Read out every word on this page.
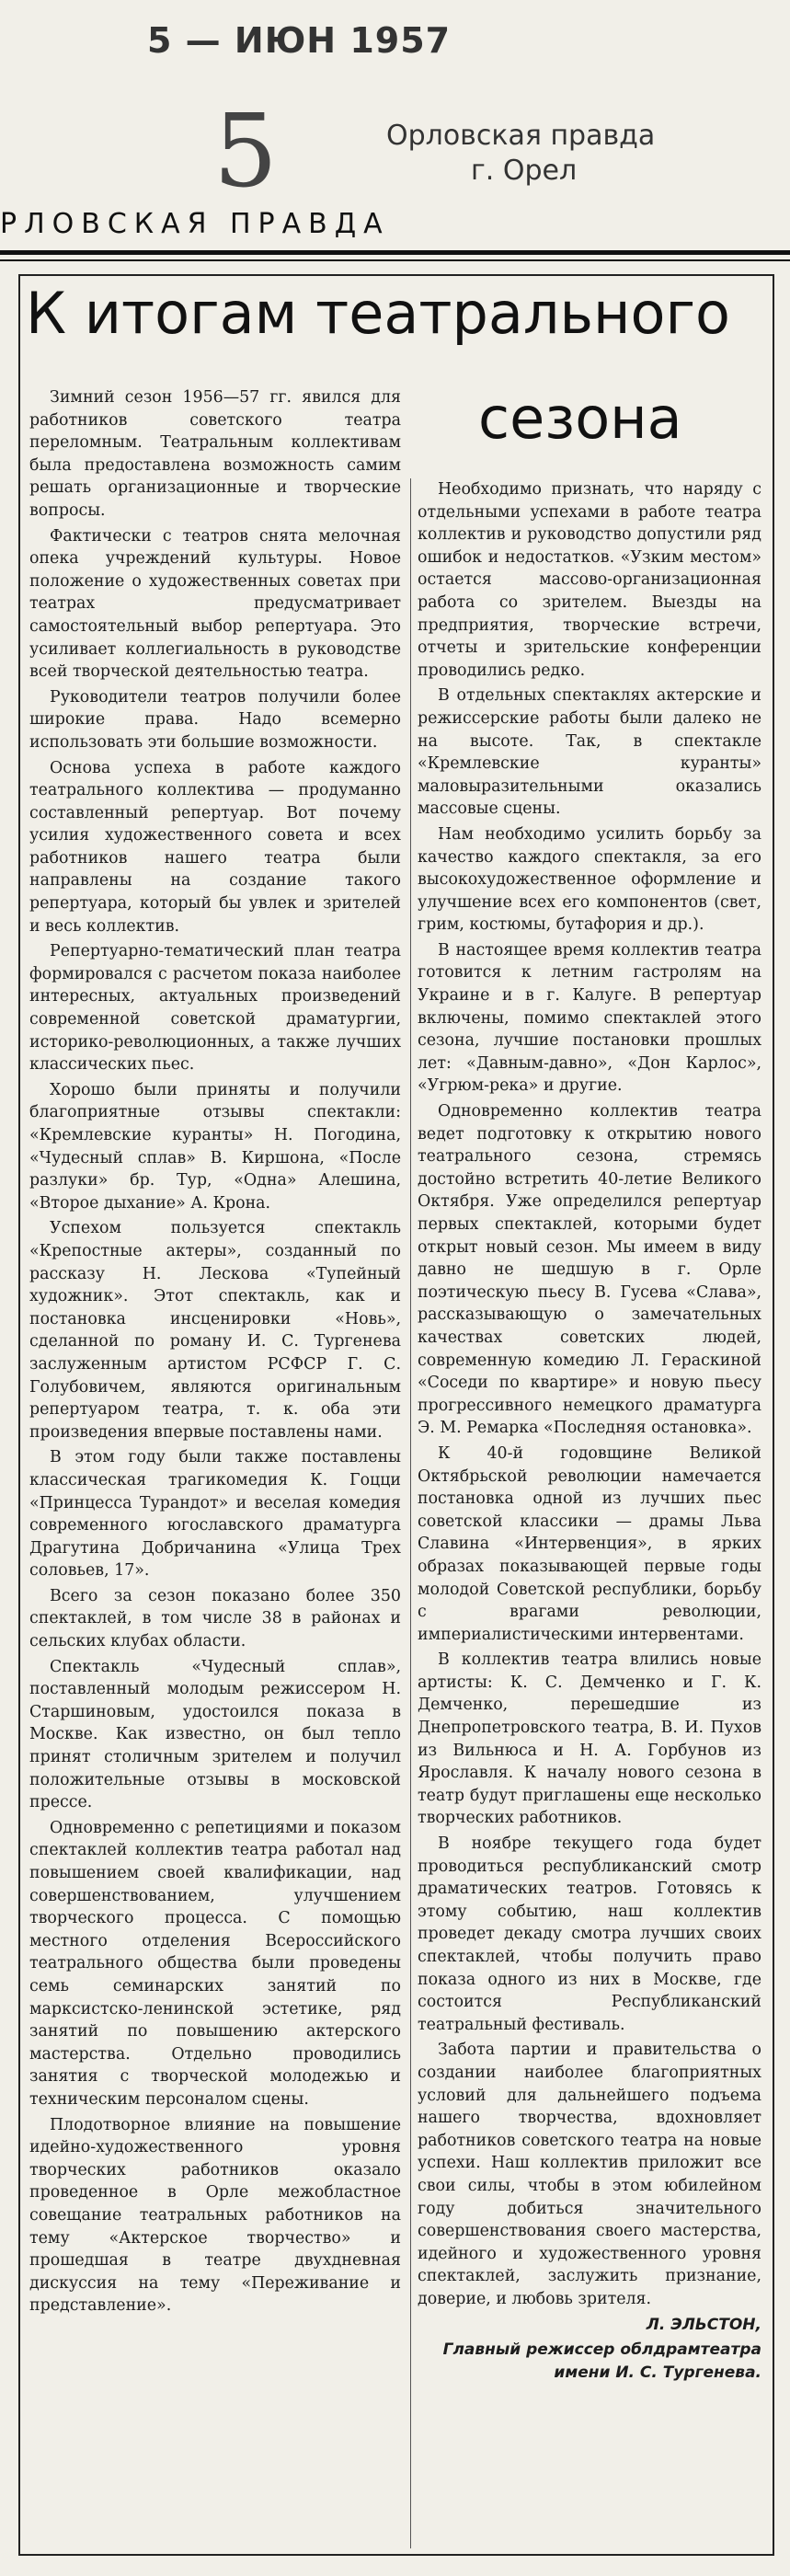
5 — ИЮН 1957
5	Орловская правда
г. Орел
РЛОВСКАЯ ПРАВДА
К итогам театрального
сезона

Зимний сезон 1956—57 гг. явился для работников советского театра переломным. Театральным коллективам была предоставлена возможность самим решать организационные и творческие вопросы.

Фактически с театров снята мелочная опека учреждений культуры. Новое положение о художественных советах при театрах предусматривает самостоятельный выбор репертуара. Это усиливает коллегиальность в руководстве всей творческой деятельностью театра.

Руководители театров получили более широкие права. Надо всемерно использовать эти большие возможности.

Основа успеха в работе каждого театрального коллектива — продуманно составленный репертуар. Вот почему усилия художественного совета и всех работников нашего театра были направлены на создание такого репертуара, который бы увлек и зрителей и весь коллектив.

Репертуарно-тематический план театра формировался с расчетом показа наиболее интересных, актуальных произведений современной советской драматургии, историко-революционных, а также лучших классических пьес.

Хорошо были приняты и получили благоприятные отзывы спектакли: «Кремлевские куранты» Н. Погодина, «Чудесный сплав» В. Киршона, «После разлуки» бр. Тур, «Одна» Алешина, «Второе дыхание» А. Крона.

Успехом пользуется спектакль «Крепостные актеры», созданный по рассказу Н. Лескова «Тупейный художник». Этот спектакль, как и постановка инсценировки «Новь», сделанной по роману И. С. Тургенева заслуженным артистом РСФСР Г. С. Голубовичем, являются оригинальным репертуаром театра, т. к. оба эти произведения впервые поставлены нами.

В этом году были также поставлены классическая трагикомедия К. Гоцци «Принцесса Турандот» и веселая комедия современного югославского драматурга Драгутина Добричанина «Улица Трех соловьев, 17».

Всего за сезон показано более 350 спектаклей, в том числе 38 в районах и сельских клубах области.

Спектакль «Чудесный сплав», поставленный молодым режиссером Н. Старшиновым, удостоился показа в Москве. Как известно, он был тепло принят столичным зрителем и получил положительные отзывы в московской прессе.

Одновременно с репетициями и показом спектаклей коллектив театра работал над повышением своей квалификации, над совершенствованием, улучшением творческого процесса. С помощью местного отделения Всероссийского театрального общества были проведены семь семинарских занятий по марксистско-ленинской эстетике, ряд занятий по повышению актерского мастерства. Отдельно проводились занятия с творческой молодежью и техническим персоналом сцены.

Плодотворное влияние на повышение идейно-художественного уровня творческих работников оказало проведенное в Орле межобластное совещание театральных работников на тему «Актерское творчество» и прошедшая в театре двухдневная дискуссия на тему «Переживание и представление».

Необходимо признать, что наряду с отдельными успехами в работе театра коллектив и руководство допустили ряд ошибок и недостатков. «Узким местом» остается массово-организационная работа со зрителем. Выезды на предприятия, творческие встречи, отчеты и зрительские конференции проводились редко.

В отдельных спектаклях актерские и режиссерские работы были далеко не на высоте. Так, в спектакле «Кремлевские куранты» маловыразительными оказались массовые сцены.

Нам необходимо усилить борьбу за качество каждого спектакля, за его высокохудожественное оформление и улучшение всех его компонентов (свет, грим, костюмы, бутафория и др.).

В настоящее время коллектив театра готовится к летним гастролям на Украине и в г. Калуге. В репертуар включены, помимо спектаклей этого сезона, лучшие постановки прошлых лет: «Давным-давно», «Дон Карлос», «Угрюм-река» и другие.

Одновременно коллектив театра ведет подготовку к открытию нового театрального сезона, стремясь достойно встретить 40-летие Великого Октября. Уже определился репертуар первых спектаклей, которыми будет открыт новый сезон. Мы имеем в виду давно не шедшую в г. Орле поэтическую пьесу В. Гусева «Слава», рассказывающую о замечательных качествах советских людей, современную комедию Л. Гераскиной «Соседи по квартире» и новую пьесу прогрессивного немецкого драматурга Э. М. Ремарка «Последняя остановка».

К 40-й годовщине Великой Октябрьской революции намечается постановка одной из лучших пьес советской классики — драмы Льва Славина «Интервенция», в ярких образах показывающей первые годы молодой Советской республики, борьбу с врагами революции, империалистическими интервентами.

В коллектив театра влились новые артисты: К. С. Демченко и Г. К. Демченко, перешедшие из Днепропетровского театра, В. И. Пухов из Вильнюса и Н. А. Горбунов из Ярославля. К началу нового сезона в театр будут приглашены еще несколько творческих работников.

В ноябре текущего года будет проводиться республиканский смотр драматических театров. Готовясь к этому событию, наш коллектив проведет декаду смотра лучших своих спектаклей, чтобы получить право показа одного из них в Москве, где состоится Республиканский театральный фестиваль.

Забота партии и правительства о создании наиболее благоприятных условий для дальнейшего подъема нашего творчества, вдохновляет работников советского театра на новые успехи. Наш коллектив приложит все свои силы, чтобы в этом юбилейном году добиться значительного совершенствования своего мастерства, идейного и художественного уровня спектаклей, заслужить признание, доверие, и любовь зрителя.

Л. ЭЛЬСТОН,

Главный режиссер облдрамтеатра имени И. С. Тургенева.
